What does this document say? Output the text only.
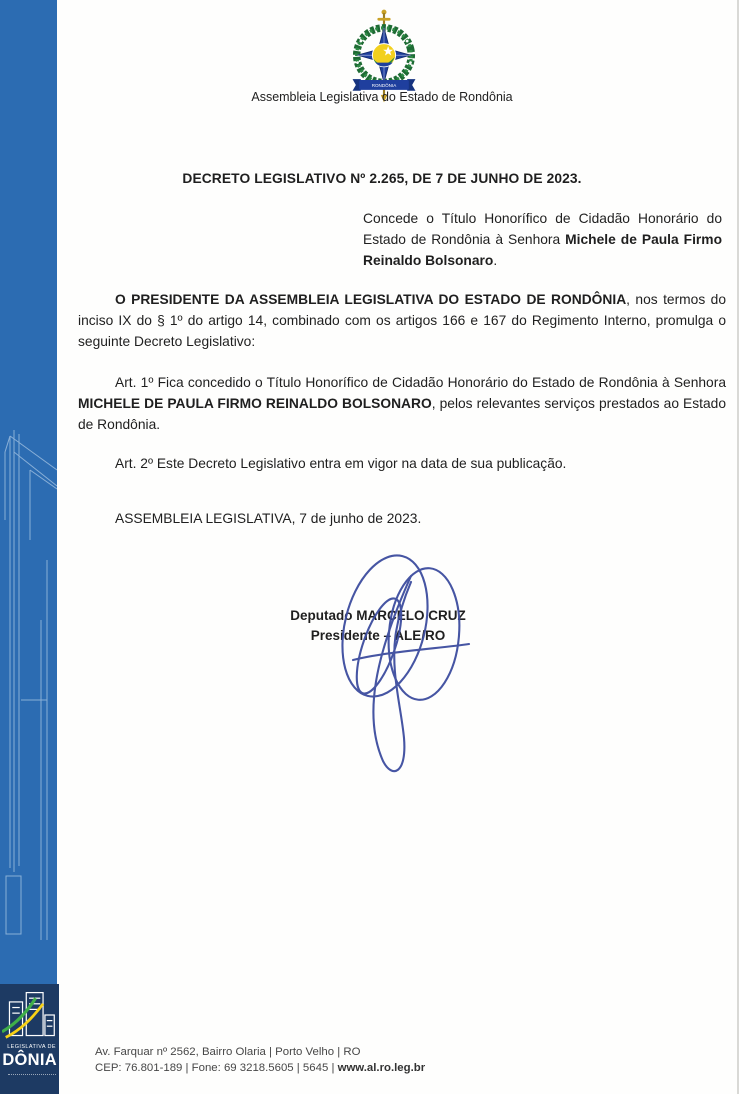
RONDÔNIA
Assembleia Legislativa do Estado de Rondônia
DECRETO LEGISLATIVO Nº 2.265, DE 7 DE JUNHO DE 2023.
Concede o Título Honorífico de Cidadão Honorário do Estado de Rondônia à Senhora Michele de Paula Firmo Reinaldo Bolsonaro.
O PRESIDENTE DA ASSEMBLEIA LEGISLATIVA DO ESTADO DE RONDÔNIA, nos termos do inciso IX do § 1º do artigo 14, combinado com os artigos 166 e 167 do Regimento Interno, promulga o seguinte Decreto Legislativo:
Art. 1º Fica concedido o Título Honorífico de Cidadão Honorário do Estado de Rondônia à Senhora MICHELE DE PAULA FIRMO REINALDO BOLSONARO, pelos relevantes serviços prestados ao Estado de Rondônia.
Art. 2º Este Decreto Legislativo entra em vigor na data de sua publicação.
ASSEMBLEIA LEGISLATIVA, 7 de junho de 2023.
Deputado MARCELO CRUZ
Presidente – ALE/RO
LEGISLATIVA DE
DÔNIA	Av. Farquar nº 2562, Bairro Olaria | Porto Velho | RO
CEP: 76.801-189 | Fone: 69 3218.5605 | 5645 | www.al.ro.leg.br
